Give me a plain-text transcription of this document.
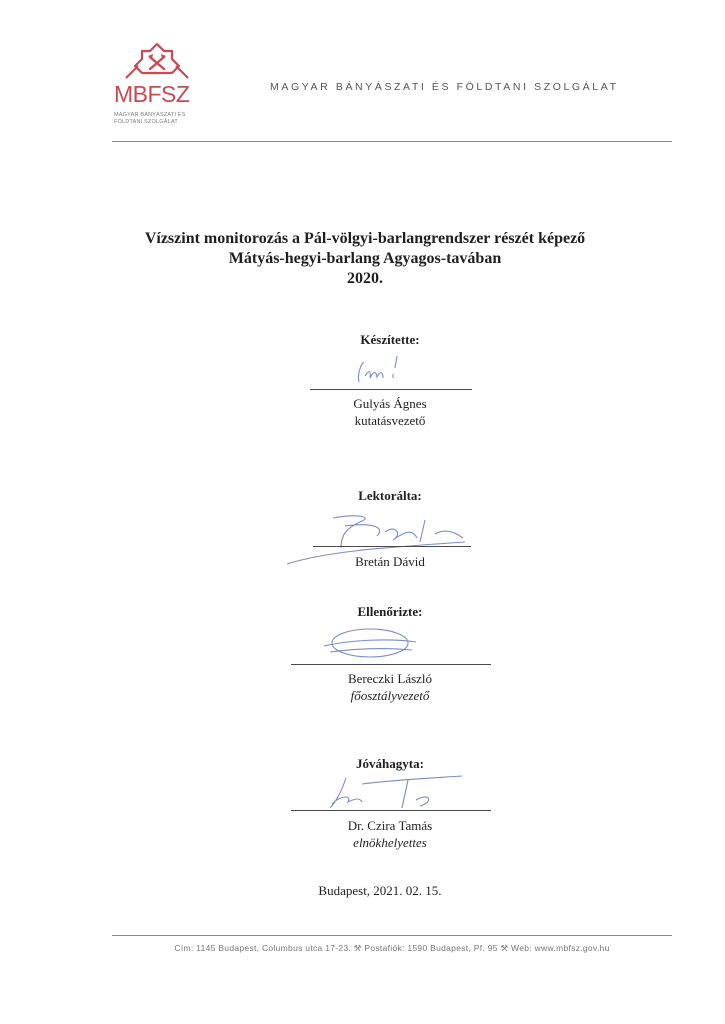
MBFSZ
MAGYAR BÁNYÁSZATI ÉS
FÖLDTANI SZOLGÁLAT
MAGYAR BÁNYÁSZATI ÉS FÖLDTANI SZOLGÁLAT
Vízszint monitorozás a Pál-völgyi-barlangrendszer részét képező
Mátyás-hegyi-barlang Agyagos-tavában
2020.
Készítette:
Gulyás Ágnes
kutatásvezető
Lektorálta:
Bretán Dávid
Ellenőrizte:
Bereczki László
főosztályvezető
Jóváhagyta:
Dr. Czira Tamás
elnökhelyettes
Budapest, 2021. 02. 15.
Cím: 1145 Budapest, Columbus utca 17-23. ⚒ Postafiók: 1590 Budapest, Pf. 95 ⚒ Web: www.mbfsz.gov.hu
